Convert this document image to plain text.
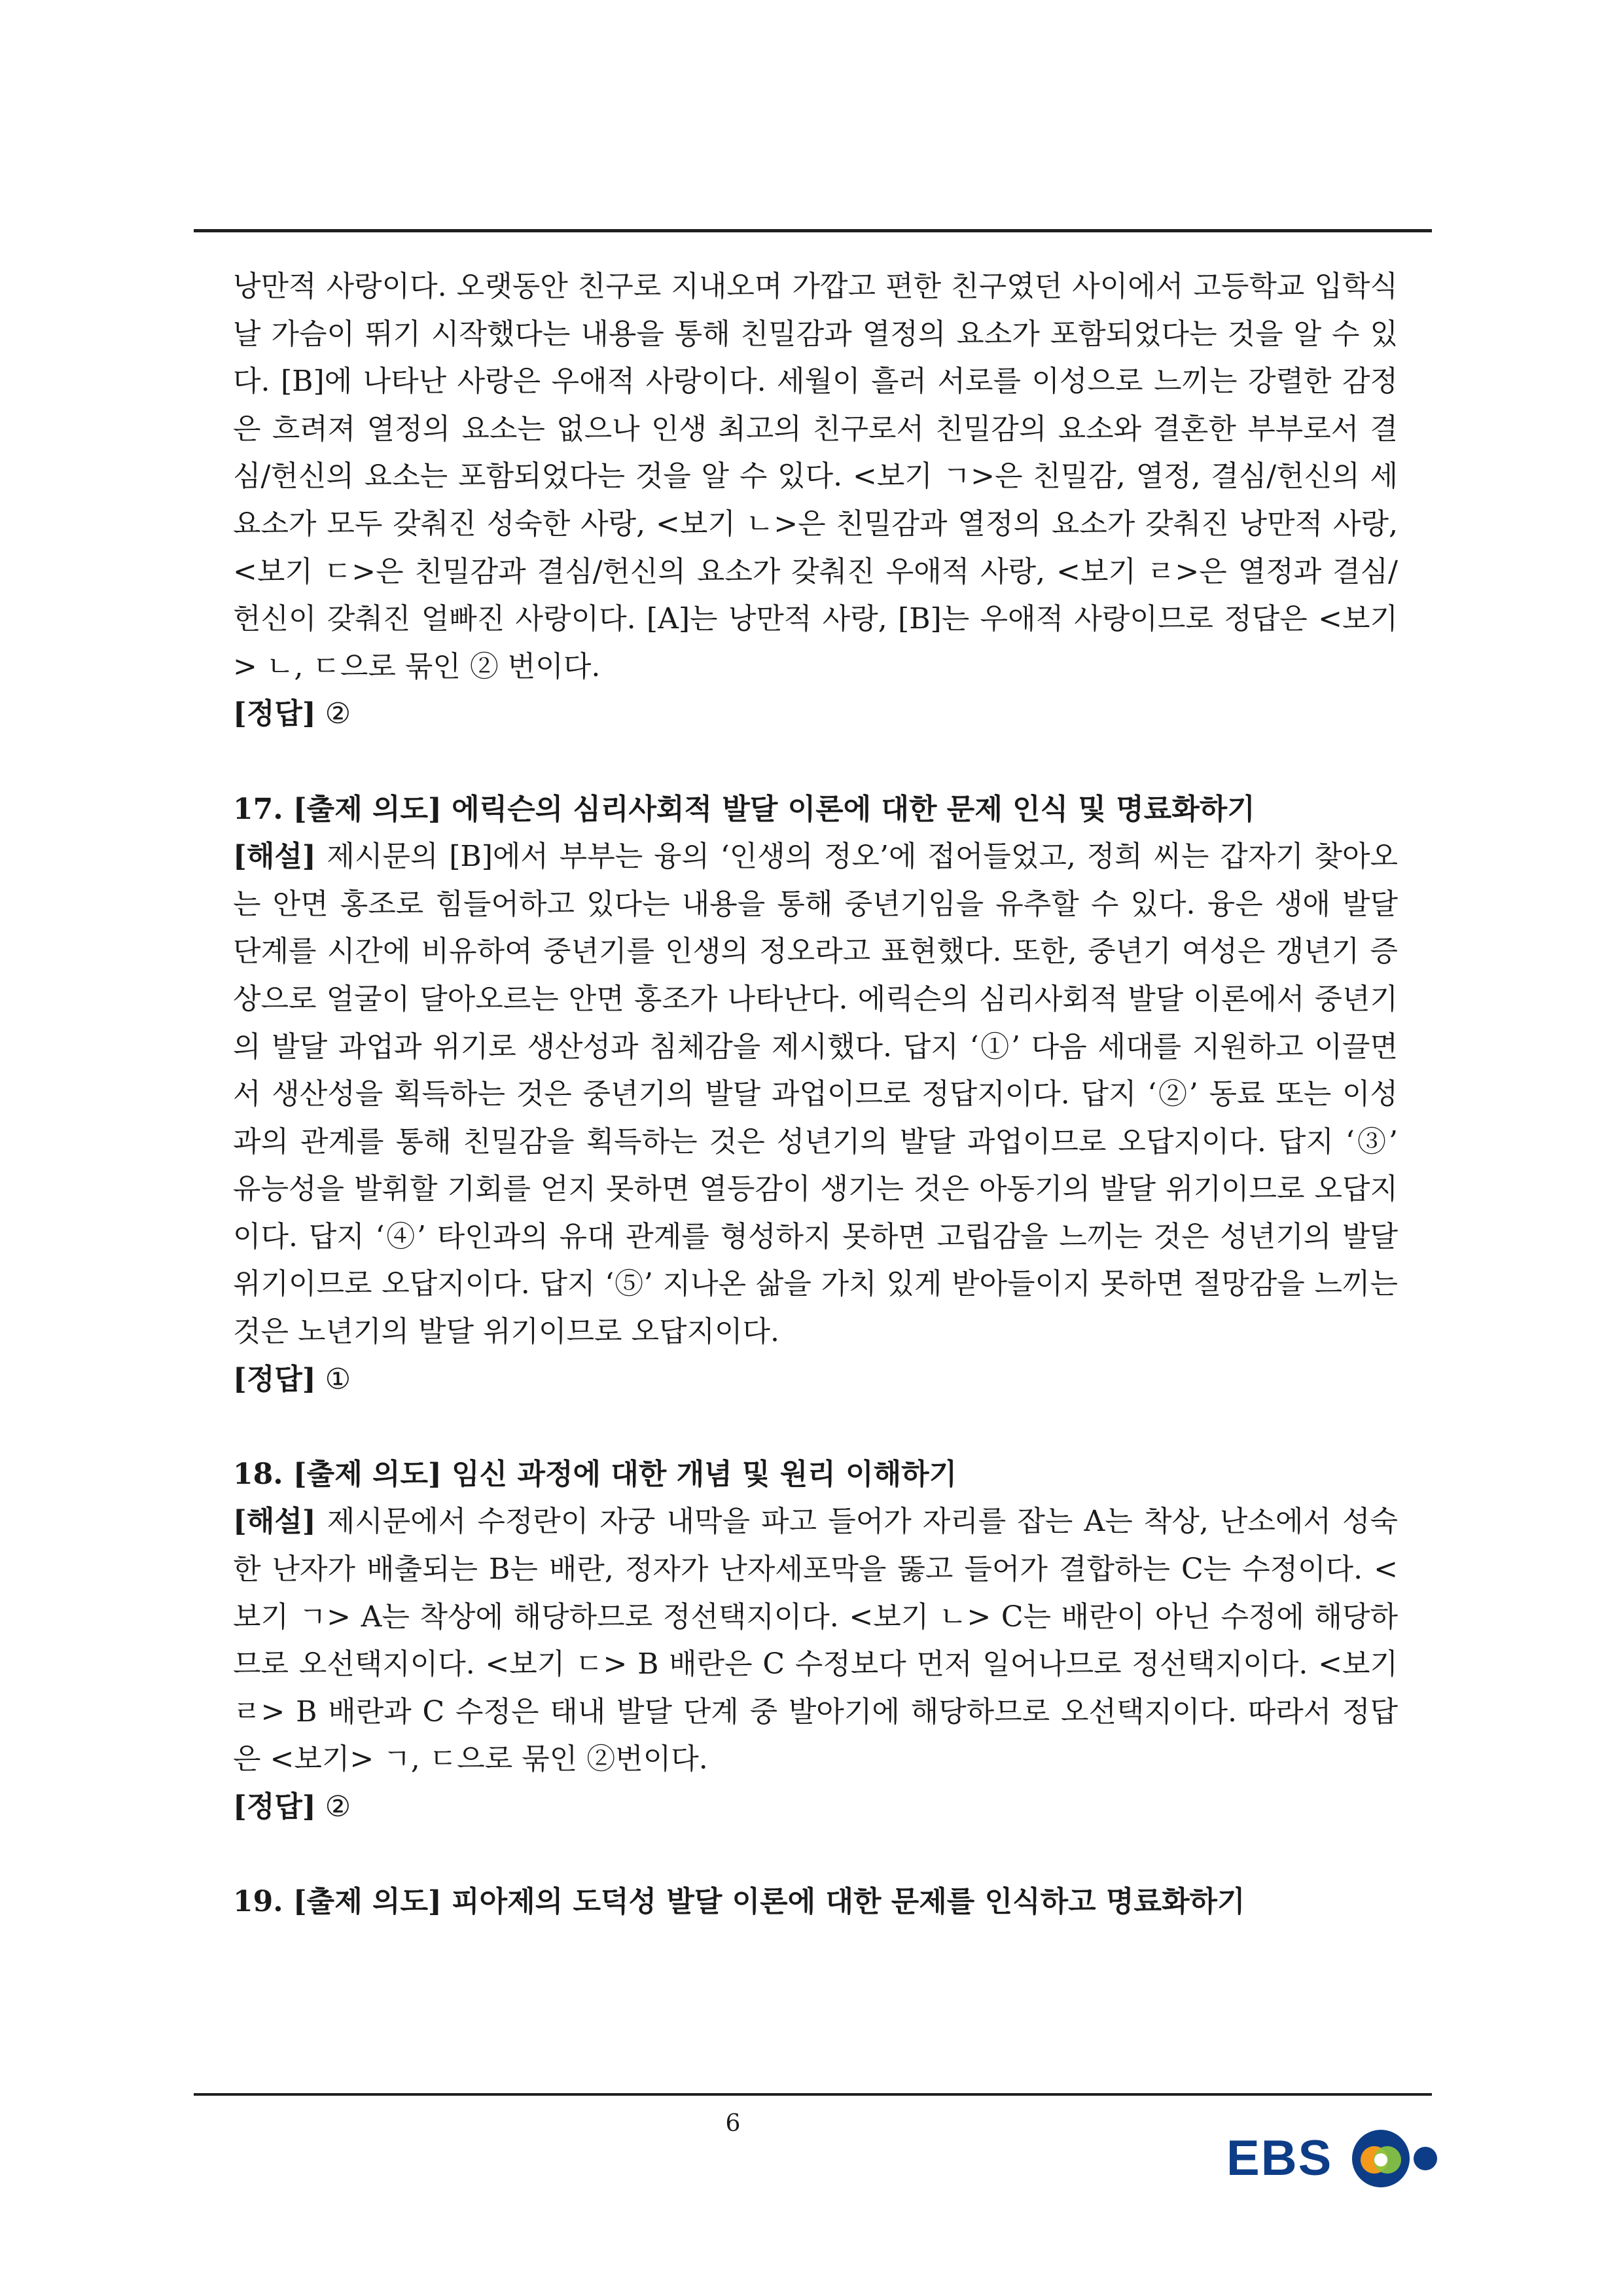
낭만적 사랑이다. 오랫동안 친구로 지내오며 가깝고 편한 친구였던 사이에서 고등학교 입학식 날 가슴이 뛰기 시작했다는 내용을 통해 친밀감과 열정의 요소가 포함되었다는 것을 알 수 있다. [B]에 나타난 사랑은 우애적 사랑이다. 세월이 흘러 서로를 이성으로 느끼는 강렬한 감정은 흐려져 열정의 요소는 없으나 인생 최고의 친구로서 친밀감의 요소와 결혼한 부부로서 결심/헌신의 요소는 포함되었다는 것을 알 수 있다. <보기 ㄱ>은 친밀감, 열정, 결심/헌신의 세 요소가 모두 갖춰진 성숙한 사랑, <보기 ㄴ>은 친밀감과 열정의 요소가 갖춰진 낭만적 사랑, <보기 ㄷ>은 친밀감과 결심/헌신의 요소가 갖춰진 우애적 사랑, <보기 ㄹ>은 열정과 결심/헌신이 갖춰진 얼빠진 사랑이다. [A]는 낭만적 사랑, [B]는 우애적 사랑이므로 정답은 <보기> ㄴ, ㄷ으로 묶인 ② 번이다.

[정답] ②

17. [출제 의도] 에릭슨의 심리사회적 발달 이론에 대한 문제 인식 및 명료화하기

[해설] 제시문의 [B]에서 부부는 융의 ‘인생의 정오’에 접어들었고, 정희 씨는 갑자기 찾아오는 안면 홍조로 힘들어하고 있다는 내용을 통해 중년기임을 유추할 수 있다. 융은 생애 발달 단계를 시간에 비유하여 중년기를 인생의 정오라고 표현했다. 또한, 중년기 여성은 갱년기 증상으로 얼굴이 달아오르는 안면 홍조가 나타난다. 에릭슨의 심리사회적 발달 이론에서 중년기의 발달 과업과 위기로 생산성과 침체감을 제시했다. 답지 ‘①’ 다음 세대를 지원하고 이끌면서 생산성을 획득하는 것은 중년기의 발달 과업이므로 정답지이다. 답지 ‘②’ 동료 또는 이성과의 관계를 통해 친밀감을 획득하는 것은 성년기의 발달 과업이므로 오답지이다. 답지 ‘③’ 유능성을 발휘할 기회를 얻지 못하면 열등감이 생기는 것은 아동기의 발달 위기이므로 오답지이다. 답지 ‘④’ 타인과의 유대 관계를 형성하지 못하면 고립감을 느끼는 것은 성년기의 발달 위기이므로 오답지이다. 답지 ‘⑤’ 지나온 삶을 가치 있게 받아들이지 못하면 절망감을 느끼는 것은 노년기의 발달 위기이므로 오답지이다.

[정답] ①

18. [출제 의도] 임신 과정에 대한 개념 및 원리 이해하기

[해설] 제시문에서 수정란이 자궁 내막을 파고 들어가 자리를 잡는 A는 착상, 난소에서 성숙한 난자가 배출되는 B는 배란, 정자가 난자세포막을 뚫고 들어가 결합하는 C는 수정이다. <보기 ㄱ> A는 착상에 해당하므로 정선택지이다. <보기 ㄴ> C는 배란이 아닌 수정에 해당하므로 오선택지이다. <보기 ㄷ> B 배란은 C 수정보다 먼저 일어나므로 정선택지이다. <보기 ㄹ> B 배란과 C 수정은 태내 발달 단계 중 발아기에 해당하므로 오선택지이다. 따라서 정답은 <보기> ㄱ, ㄷ으로 묶인 ②번이다.

[정답] ②

19. [출제 의도] 피아제의 도덕성 발달 이론에 대한 문제를 인식하고 명료화하기

6
EBS
